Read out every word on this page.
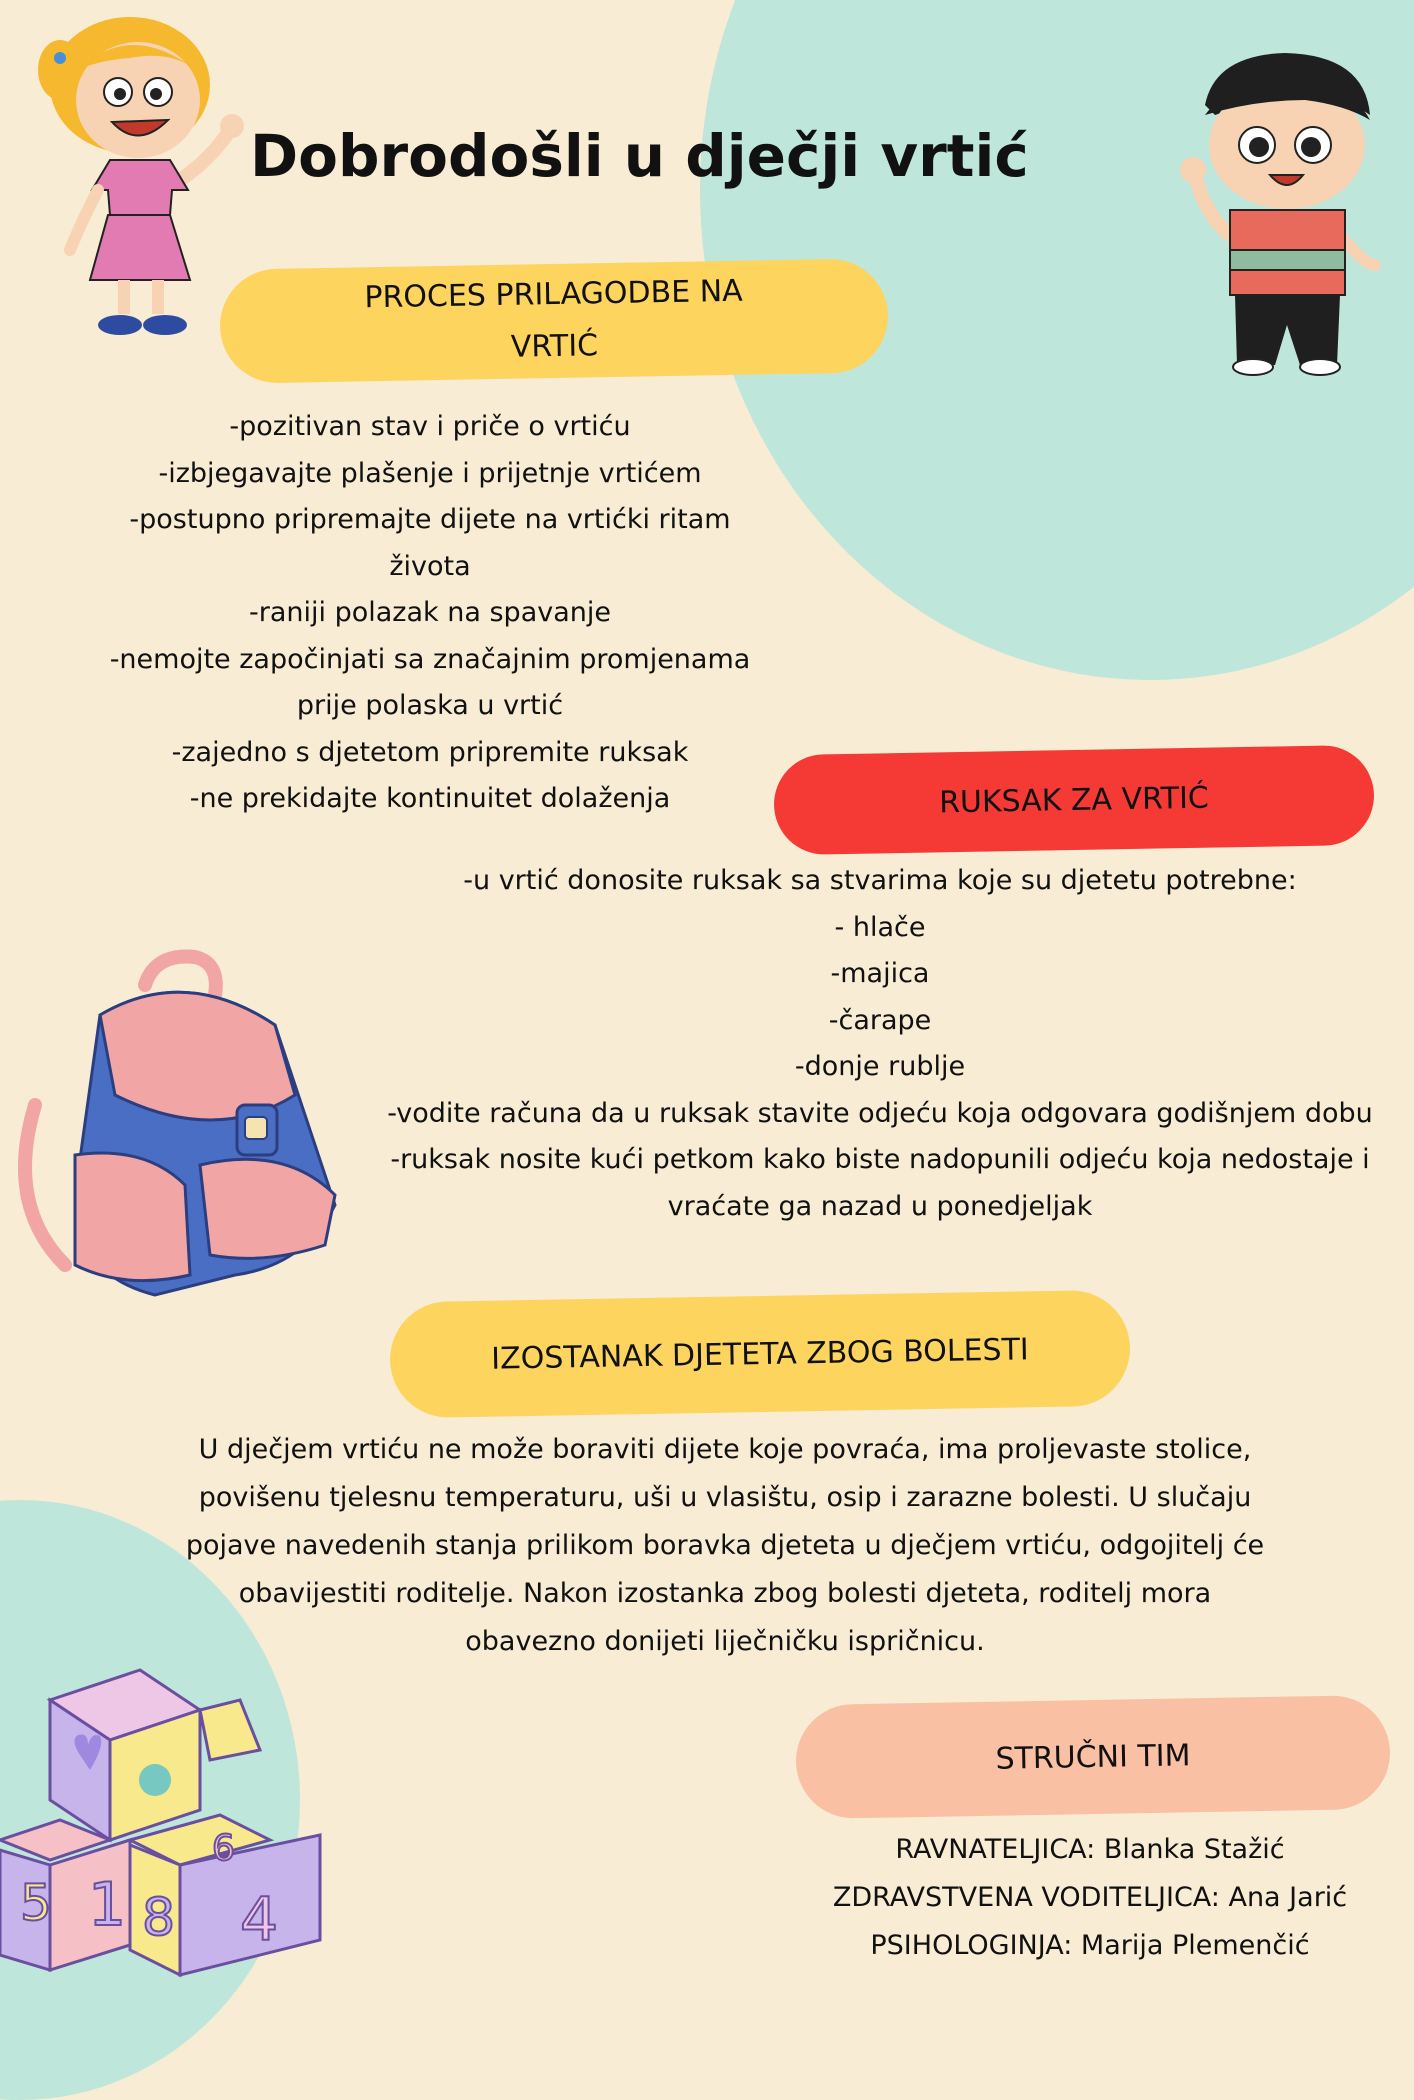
Dobrodošli u dječji vrtić
PROCES PRILAGODBE NA
VRTIĆ
-pozitivan stav i priče o vrtiću
-izbjegavajte plašenje i prijetnje vrtićem
-postupno pripremajte dijete na vrtićki ritam
života
-raniji polazak na spavanje
-nemojte započinjati sa značajnim promjenama
prije polaska u vrtić
-zajedno s djetetom pripremite ruksak
-ne prekidajte kontinuitet dolaženja	RUKSAK ZA VRTIĆ
-u vrtić donosite ruksak sa stvarima koje su djetetu potrebne:
- hlače
-majica
-čarape
-donje rublje
-vodite računa da u ruksak stavite odjeću koja odgovara godišnjem dobu
-ruksak nosite kući petkom kako biste nadopunili odjeću koja nedostaje i
vraćate ga nazad u ponedjeljak
IZOSTANAK DJETETA ZBOG BOLESTI
U dječjem vrtiću ne može boraviti dijete koje povraća, ima proljevaste stolice,
povišenu tjelesnu temperaturu, uši u vlasištu, osip i zarazne bolesti. U slučaju
pojave navedenih stanja prilikom boravka djeteta u dječjem vrtiću, odgojitelj će
obavijestiti roditelje. Nakon izostanka zbog bolesti djeteta, roditelj mora
obavezno donijeti liječničku ispričnicu.
STRUČNI TIM
RAVNATELJICA: Blanka Stažić
ZDRAVSTVENA VODITELJICA: Ana Jarić
PSIHOLOGINJA: Marija Plemenčić
1
5 8 4
6
